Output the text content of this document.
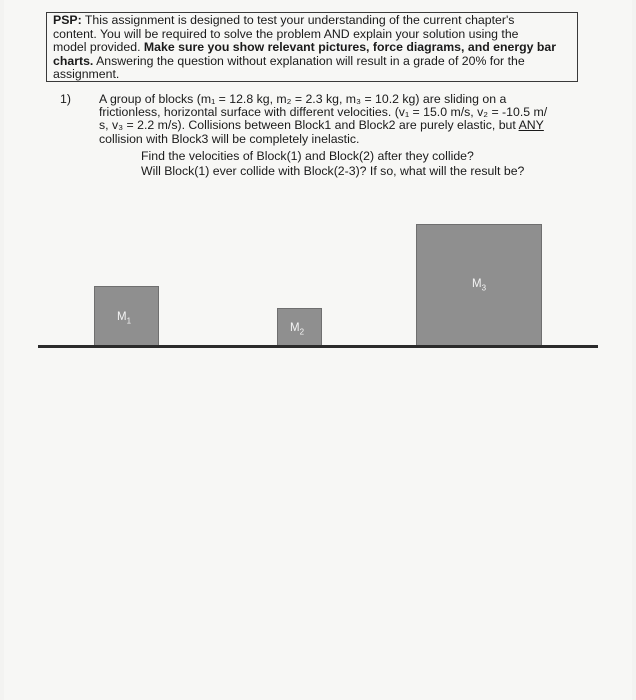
PSP: This assignment is designed to test your understanding of the current chapter's
content. You will be required to solve the problem AND explain your solution using the
model provided. Make sure you show relevant pictures, force diagrams, and energy bar
charts. Answering the question without explanation will result in a grade of 20% for the
assignment.
1) A group of blocks (m₁ = 12.8 kg, m₂ = 2.3 kg, m₃ = 10.2 kg) are sliding on a
frictionless, horizontal surface with different velocities. (v₁ = 15.0 m/s, v₂ = -10.5 m/
s, v₃ = 2.2 m/s). Collisions between Block1 and Block2 are purely elastic, but ANY
collision with Block3 will be completely inelastic.
Find the velocities of Block(1) and Block(2) after they collide?
Will Block(1) ever collide with Block(2-3)? If so, what will the result be?
$M_1$
$M_2$
$M_3$
